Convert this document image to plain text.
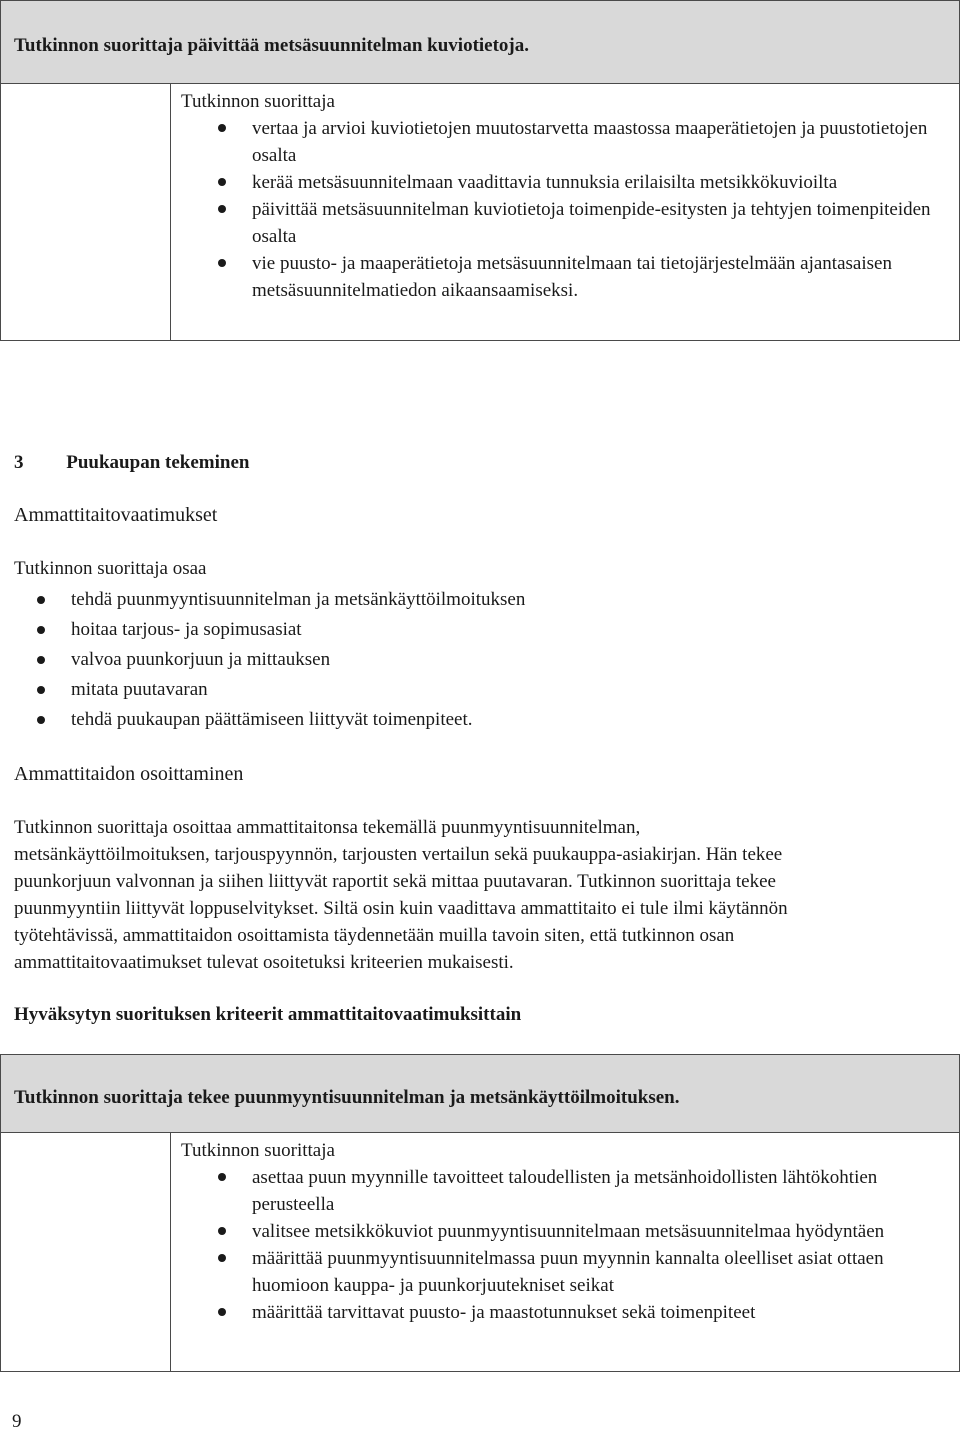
Tutkinnon suorittaja päivittää metsäsuunnitelman kuviotietoja.

Tutkinnon suorittaja
vertaa ja arvioi kuviotietojen muutostarvetta maastossa maaperätietojen ja puustotietojen osalta
kerää metsäsuunnitelmaan vaadittavia tunnuksia erilaisilta metsikkökuvioilta
päivittää metsäsuunnitelman kuviotietoja toimenpide-esitysten ja tehtyjen toimenpiteiden osalta
vie puusto- ja maaperätietoja metsäsuunnitelmaan tai tietojärjestelmään ajantasaisen metsäsuunnitelmatiedon aikaansaamiseksi.
3 Puukaupan tekeminen
Ammattitaitovaatimukset
Tutkinnon suorittaja osaa
tehdä puunmyyntisuunnitelman ja metsänkäyttöilmoituksen
hoitaa tarjous- ja sopimusasiat
valvoa puunkorjuun ja mittauksen
mitata puutavaran
tehdä puukaupan päättämiseen liittyvät toimenpiteet.
Ammattitaidon osoittaminen
Tutkinnon suorittaja osoittaa ammattitaitonsa tekemällä puunmyyntisuunnitelman,
metsänkäyttöilmoituksen, tarjouspyynnön, tarjousten vertailun sekä puukauppa-asiakirjan. Hän tekee
puunkorjuun valvonnan ja siihen liittyvät raportit sekä mittaa puutavaran. Tutkinnon suorittaja tekee
puunmyyntiin liittyvät loppuselvitykset. Siltä osin kuin vaadittava ammattitaito ei tule ilmi käytännön
työtehtävissä, ammattitaidon osoittamista täydennetään muilla tavoin siten, että tutkinnon osan
ammattitaitovaatimukset tulevat osoitetuksi kriteerien mukaisesti.
Hyväksytyn suorituksen kriteerit ammattitaitovaatimuksittain
Tutkinnon suorittaja tekee puunmyyntisuunnitelman ja metsänkäyttöilmoituksen.

Tutkinnon suorittaja
asettaa puun myynnille tavoitteet taloudellisten ja metsänhoidollisten lähtökohtien perusteella
valitsee metsikkökuviot puunmyyntisuunnitelmaan metsäsuunnitelmaa hyödyntäen
määrittää puunmyyntisuunnitelmassa puun myynnin kannalta oleelliset asiat ottaen huomioon kauppa- ja puunkorjuutekniset seikat
määrittää tarvittavat puusto- ja maastotunnukset sekä toimenpiteet
9
